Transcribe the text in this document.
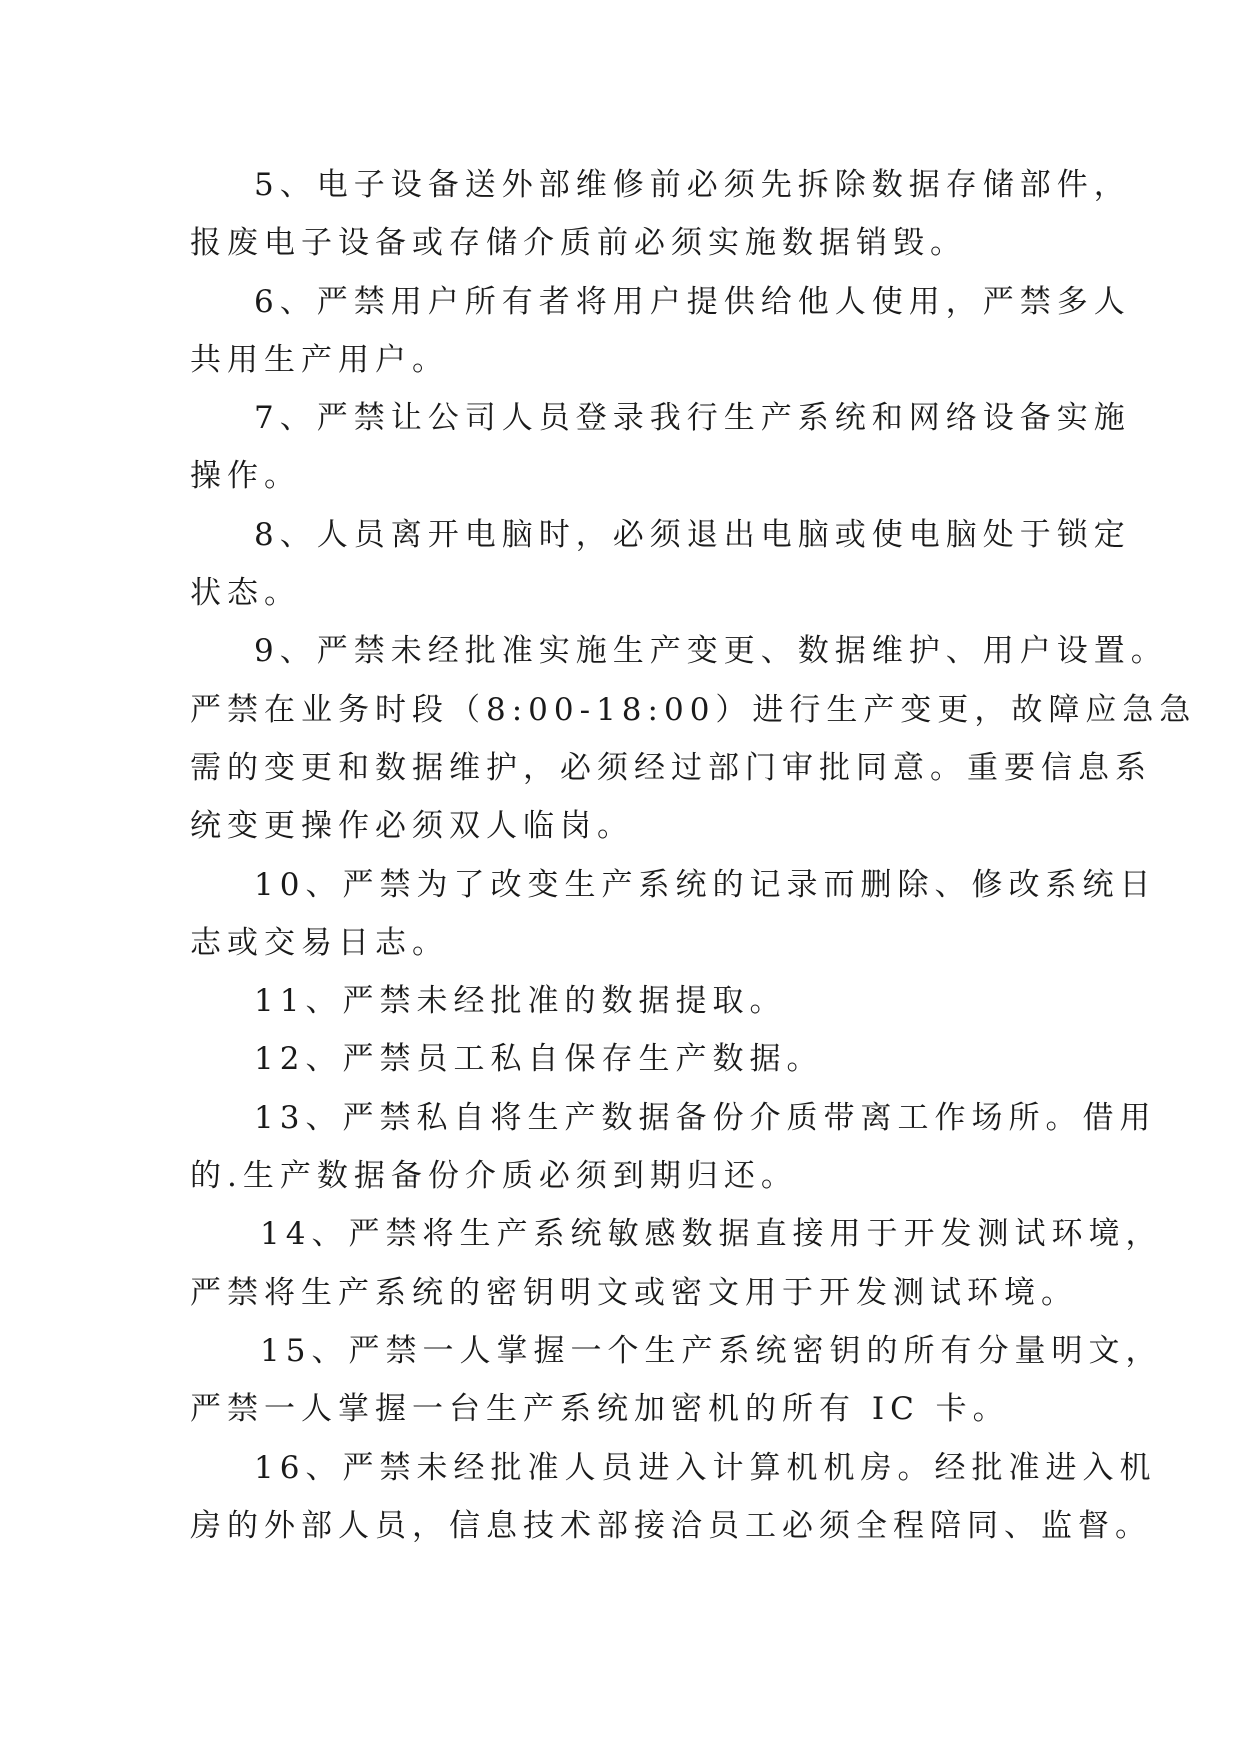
5、电子设备送外部维修前必须先拆除数据存储部件，
报废电子设备或存储介质前必须实施数据销毁。
6、严禁用户所有者将用户提供给他人使用，严禁多人
共用生产用户。
7、严禁让公司人员登录我行生产系统和网络设备实施
操作。
8、人员离开电脑时，必须退出电脑或使电脑处于锁定
状态。
9、严禁未经批准实施生产变更、数据维护、用户设置。
严禁在业务时段（8:00-18:00）进行生产变更，故障应急急
需的变更和数据维护，必须经过部门审批同意。重要信息系
统变更操作必须双人临岗。
10、严禁为了改变生产系统的记录而删除、修改系统日
志或交易日志。
11、严禁未经批准的数据提取。
12、严禁员工私自保存生产数据。
13、严禁私自将生产数据备份介质带离工作场所。借用
的.生产数据备份介质必须到期归还。
14、严禁将生产系统敏感数据直接用于开发测试环境，
严禁将生产系统的密钥明文或密文用于开发测试环境。
15、严禁一人掌握一个生产系统密钥的所有分量明文，
严禁一人掌握一台生产系统加密机的所有 IC 卡。
16、严禁未经批准人员进入计算机机房。经批准进入机
房的外部人员，信息技术部接洽员工必须全程陪同、监督。
